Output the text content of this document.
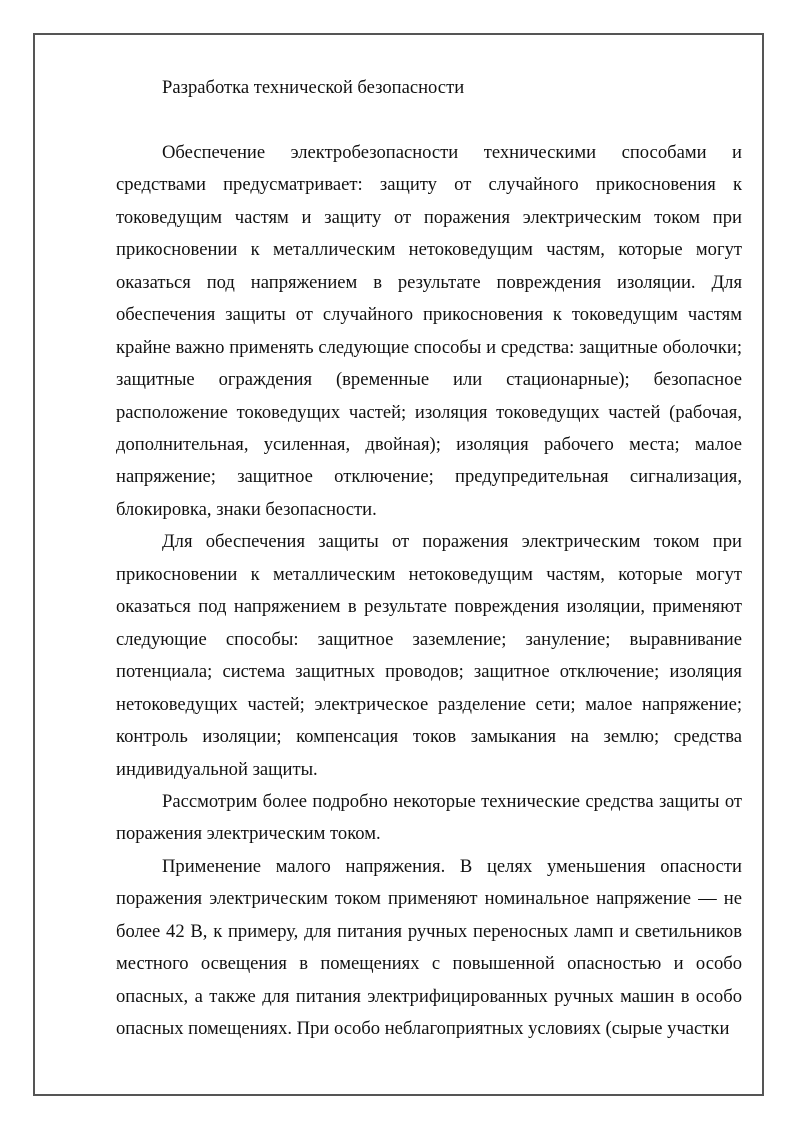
Разработка технической безопасности

Обеспечение электробезопасности техническими способами и средствами предусматривает: защиту от случайного прикосновения к токоведущим частям и защиту от поражения электрическим током при прикосновении к металлическим нетоковедущим частям, которые могут оказаться под напряжением в результате повреждения изоляции. Для обеспечения защиты от случайного прикосновения к токоведущим частям крайне важно применять следующие способы и средства: защитные оболочки; защитные ограждения (временные или стационарные); безопасное расположение токоведущих частей; изоляция токоведущих частей (рабочая, дополнительная, усиленная, двойная); изоляция рабочего места; малое напряжение; защитное отключение; предупредительная сигнализация, блокировка, знаки безопасности.

Для обеспечения защиты от поражения электрическим током при прикосновении к металлическим нетоковедущим частям, которые могут оказаться под напряжением в результате повреждения изоляции, применяют следующие способы: защитное заземление; зануление; выравнивание потенциала; система защитных проводов; защитное отключение; изоляция нетоковедущих частей; электрическое разделение сети; малое напряжение; контроль изоляции; компенсация токов замыкания на землю; средства индивидуальной защиты.

Рассмотрим более подробно некоторые технические средства защиты от поражения электрическим током.

Применение малого напряжения. В целях уменьшения опасности поражения электрическим током применяют номинальное напряжение — не более 42 В, к примеру, для питания ручных переносных ламп и светильников местного освещения в помещениях с повышенной опасностью и особо опасных, а также для питания электрифицированных ручных машин в особо опасных помещениях. При особо неблагоприятных условиях (сырые участки
